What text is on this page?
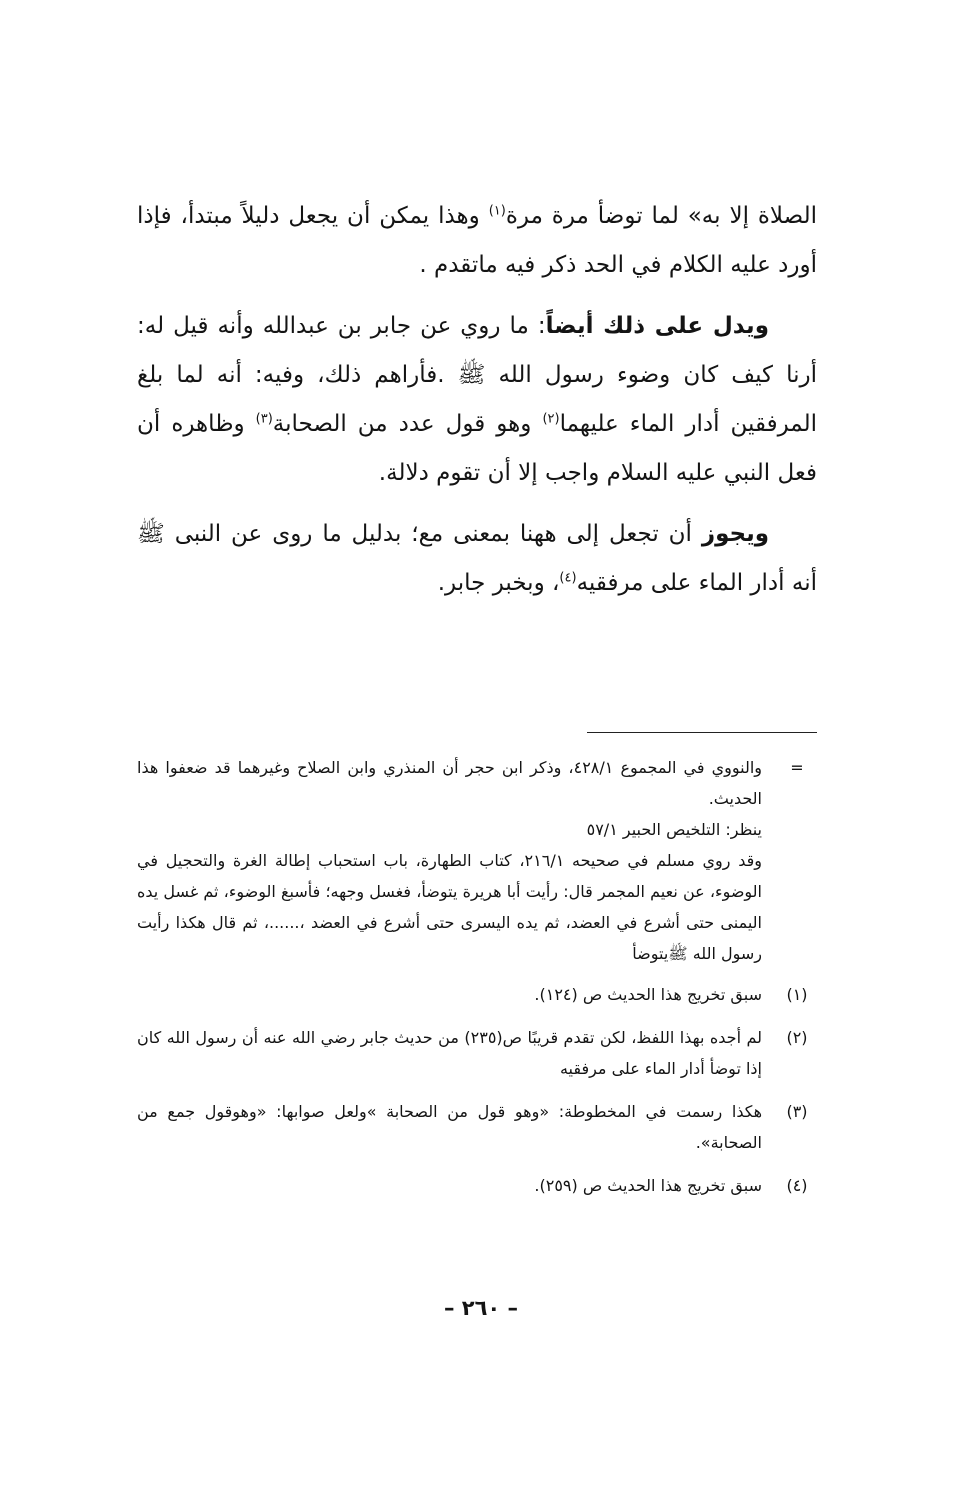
الصلاة إلا به» لما توضأ مرة مرة$^{(١)}$ وهذا يمكن أن يجعل دليلاً مبتدأ، فإذا أورد عليه الكلام في الحد ذكر فيه ماتقدم .

ويدل على ذلك أيضاً: ما روي عن جابر بن عبدالله وأنه قيل له: أرنا كيف كان وضوء رسول الله ﷺ .فأراهم ذلك، وفيه: أنه لما بلغ المرفقين أدار الماء عليهما$^{(٢)}$ وهو قول عدد من الصحابة$^{(٣)}$ وظاهره أن فعل النبي عليه السلام واجب إلا أن تقوم دلالة.

ويجوز أن تجعل إلى ههنا بمعنى مع؛ بدليل ما روى عن النبى ﷺ أنه أدار الماء على مرفقيه$^{(٤)}$، وبخبر جابر.

=
والنووي في المجموع ٤٢٨/١، وذكر ابن حجر أن المنذري وابن الصلاح وغيرهما قد ضعفوا هذا الحديث.
ينظر: التلخيص الحبير ٥٧/١
وقد روي مسلم في صحيحه ٢١٦/١، كتاب الطهارة، باب استحباب إطالة الغرة والتحجيل في الوضوء، عن نعيم المجمر قال: رأيت أبا هريرة يتوضأ، فغسل وجهه؛ فأسبغ الوضوء، ثم غسل يده اليمنى حتى أشرع في العضد، ثم يده اليسرى حتى أشرع في العضد ،......، ثم قال هكذا رأيت رسول الله ﷺيتوضأ
(١)
سبق تخريج هذا الحديث ص (١٢٤).
(٢)
لم أجده بهذا اللفظ، لكن تقدم قريبًا ص(٢٣٥) من حديث جابر رضي الله عنه أن رسول الله كان إذا توضأ أدار الماء على مرفقيه
(٣)
هكذا رسمت في المخطوطة: «وهو قول من الصحابة »ولعل صوابها: «وهوقول جمع من الصحابة».
(٤)
سبق تخريج هذا الحديث ص (٢٥٩).
– ٢٦٠ –
